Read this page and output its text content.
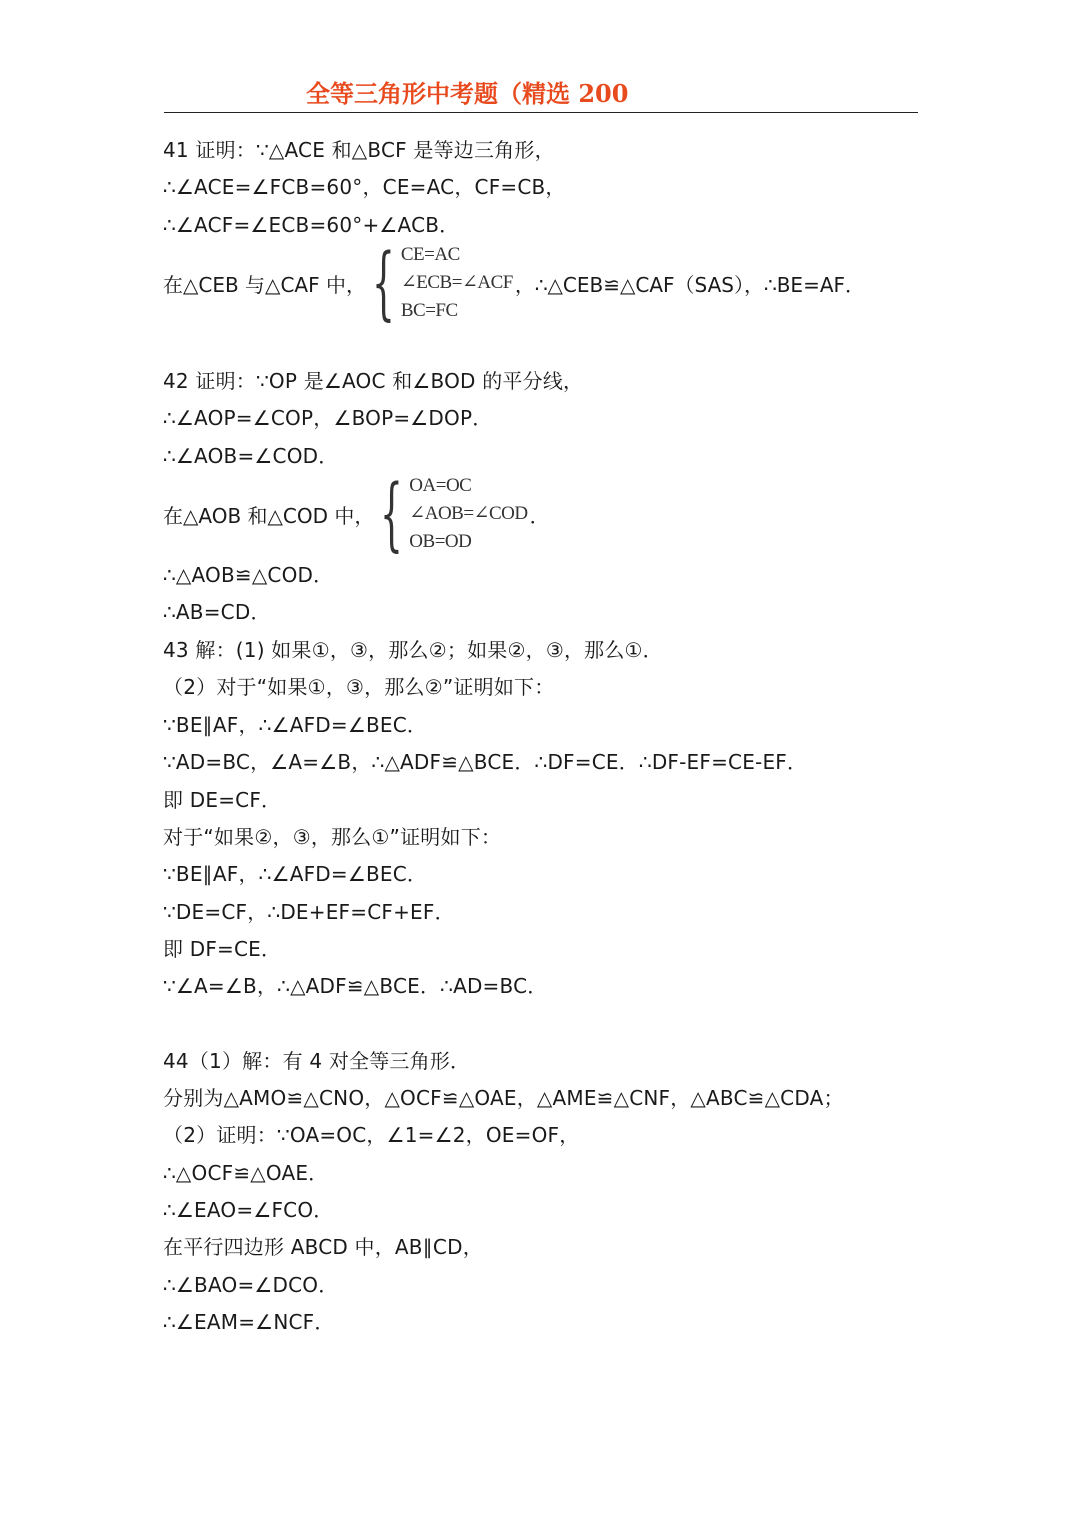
全等三角形中考题（精选 200
41 证明：∵△ACE 和△BCF 是等边三角形，
∴∠ACE=∠FCB=60°，CE=AC，CF=CB，
∴∠ACF=∠ECB=60°+∠ACB．
在△CEB 与△CAF 中， { CE=AC
∠ECB=∠ACF
BC=FC
，∴△CEB≌△CAF（SAS），∴BE=AF．
42 证明：∵OP 是∠AOC 和∠BOD 的平分线，
∴∠AOP=∠COP，∠BOP=∠DOP．
∴∠AOB=∠COD．
在△AOB 和△COD 中， { OA=OC
∠AOB=∠COD
OB=OD
．
∴△AOB≌△COD．
∴AB=CD．
43 解：(1) 如果①，③，那么②；如果②，③，那么①．
（2）对于“如果①，③，那么②”证明如下：
∵BE∥AF，∴∠AFD=∠BEC．
∵AD=BC，∠A=∠B，∴△ADF≌△BCE．∴DF=CE．∴DF-EF=CE-EF．
即 DE=CF．
对于“如果②，③，那么①”证明如下：
∵BE∥AF，∴∠AFD=∠BEC．
∵DE=CF，∴DE+EF=CF+EF．
即 DF=CE．
∵∠A=∠B，∴△ADF≌△BCE．∴AD=BC．
44（1）解：有 4 对全等三角形．
分别为△AMO≌△CNO，△OCF≌△OAE，△AME≌△CNF，△ABC≌△CDA；
（2）证明：∵OA=OC，∠1=∠2，OE=OF，
∴△OCF≌△OAE．
∴∠EAO=∠FCO．
在平行四边形 ABCD 中，AB∥CD，
∴∠BAO=∠DCO．
∴∠EAM=∠NCF．
